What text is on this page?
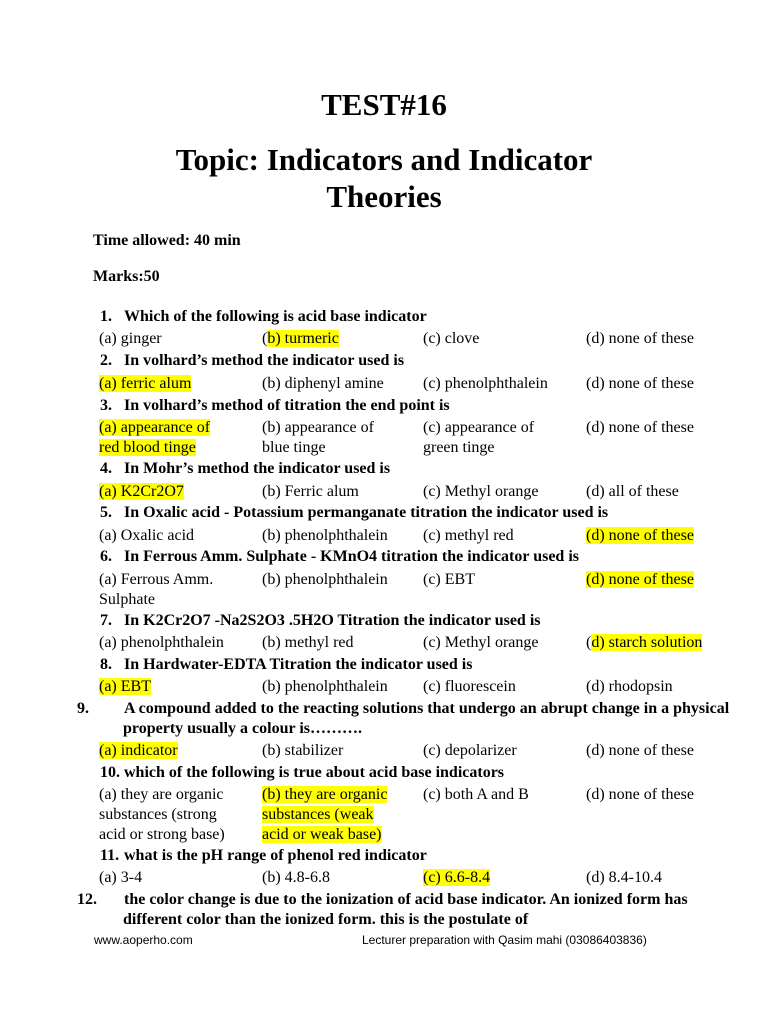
TEST#16
Topic: Indicators and Indicator
Theories
Time allowed: 40 min
Marks:50
1. Which of the following is acid base indicator
(a) ginger	(b) turmeric	(c) clove	(d) none of these
2. In volhard’s method the indicator used is
(a) ferric alum	(b) diphenyl amine	(c) phenolphthalein	(d) none of these
3. In volhard’s method of titration the end point is
(a) appearance of
red blood tinge
(b) appearance of
blue tinge
(c) appearance of
green tinge
(d) none of these
4. In Mohr’s method the indicator used is
(a) K2Cr2O7	(b) Ferric alum	(c) Methyl orange	(d) all of these
5. In Oxalic acid - Potassium permanganate titration the indicator used is
(a) Oxalic acid	(b) phenolphthalein	(c) methyl red	(d) none of these
6. In Ferrous Amm. Sulphate - KMnO4 titration the indicator used is
(a) Ferrous Amm.
Sulphate
(b) phenolphthalein	(c) EBT	(d) none of these
7. In K2Cr2O7 -Na2S2O3 .5H2O Titration the indicator used is
(a) phenolphthalein	(b) methyl red	(c) Methyl orange	(d) starch solution
8. In Hardwater-EDTA Titration the indicator used is
(a) EBT	(b) phenolphthalein	(c) fluorescein	(d) rhodopsin
9. A compound added to the reacting solutions that undergo an abrupt change in a physical property usually a colour is……….
(a) indicator	(b) stabilizer	(c) depolarizer	(d) none of these
10. which of the following is true about acid base indicators
(a) they are organic
substances (strong
acid or strong base)
(b) they are organic
substances (weak
acid or weak base)
(c) both A and B	(d) none of these
11. what is the pH range of phenol red indicator
(a) 3-4	(b) 4.8-6.8	(c) 6.6-8.4	(d) 8.4-10.4
12. the color change is due to the ionization of acid base indicator. An ionized form has different color than the ionized form. this is the postulate of
www.aoperho.com	Lecturer preparation with Qasim mahi (03086403836)
